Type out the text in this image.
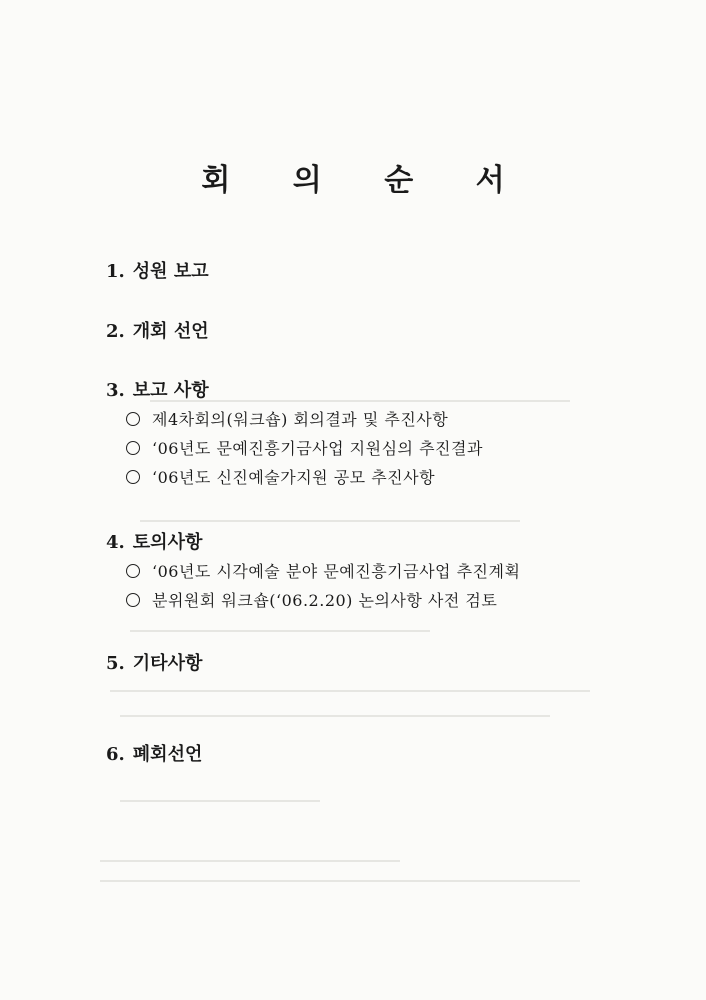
회 의 순 서
1. 성원 보고
2. 개회 선언
3. 보고 사항
제4차회의(워크숍) 회의결과 및 추진사항
‘06년도 문예진흥기금사업 지원심의 추진결과
‘06년도 신진예술가지원 공모 추진사항
4. 토의사항
‘06년도 시각예술 분야 문예진흥기금사업 추진계획
분위원회 워크숍(‘06.2.20) 논의사항 사전 검토
5. 기타사항
6. 폐회선언
